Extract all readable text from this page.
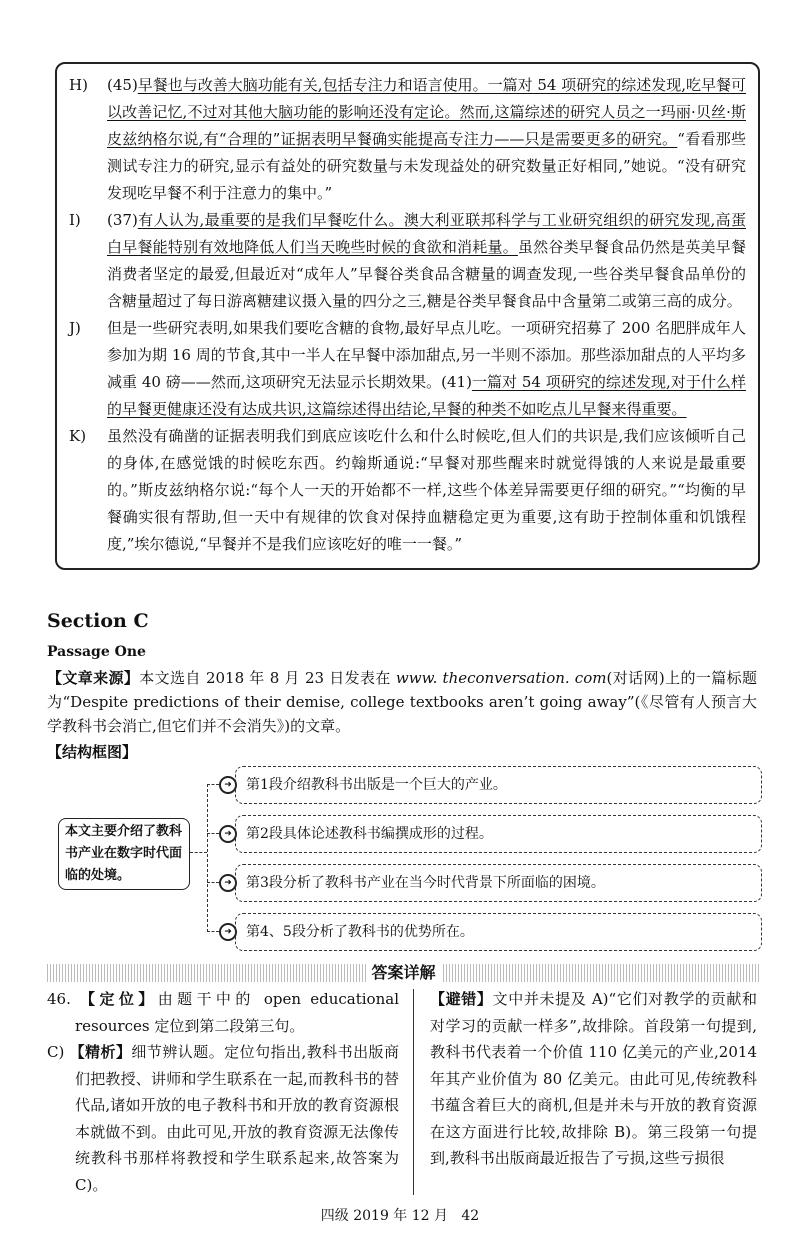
H)	(45)早餐也与改善大脑功能有关,包括专注力和语言使用。一篇对 54 项研究的综述发现,吃早餐可以改善记忆,不过对其他大脑功能的影响还没有定论。然而,这篇综述的研究人员之一玛丽·贝丝·斯皮兹纳格尔说,有“合理的”证据表明早餐确实能提高专注力——只是需要更多的研究。“看看那些测试专注力的研究,显示有益处的研究数量与未发现益处的研究数量正好相同,”她说。“没有研究发现吃早餐不利于注意力的集中。”
I)	(37)有人认为,最重要的是我们早餐吃什么。澳大利亚联邦科学与工业研究组织的研究发现,高蛋白早餐能特别有效地降低人们当天晚些时候的食欲和消耗量。虽然谷类早餐食品仍然是英美早餐消费者坚定的最爱,但最近对“成年人”早餐谷类食品含糖量的调查发现,一些谷类早餐食品单份的含糖量超过了每日游离糖建议摄入量的四分之三,糖是谷类早餐食品中含量第二或第三高的成分。
J)	但是一些研究表明,如果我们要吃含糖的食物,最好早点儿吃。一项研究招募了 200 名肥胖成年人参加为期 16 周的节食,其中一半人在早餐中添加甜点,另一半则不添加。那些添加甜点的人平均多减重 40 磅——然而,这项研究无法显示长期效果。(41)一篇对 54 项研究的综述发现,对于什么样的早餐更健康还没有达成共识,这篇综述得出结论,早餐的种类不如吃点儿早餐来得重要。
K)	虽然没有确凿的证据表明我们到底应该吃什么和什么时候吃,但人们的共识是,我们应该倾听自己的身体,在感觉饿的时候吃东西。约翰斯通说:“早餐对那些醒来时就觉得饿的人来说是最重要的。”斯皮兹纳格尔说:“每个人一天的开始都不一样,这些个体差异需要更仔细的研究。”“均衡的早餐确实很有帮助,但一天中有规律的饮食对保持血糖稳定更为重要,这有助于控制体重和饥饿程度,”埃尔德说,“早餐并不是我们应该吃好的唯一一餐。”
Section C
Passage One
【文章来源】本文选自 2018 年 8 月 23 日发表在 www. theconversation. com(对话网)上的一篇标题为“Despite predictions of their demise, college textbooks aren’t going away”(《尽管有人预言大学教科书会消亡,但它们并不会消失》)的文章。
【结构框图】
本文主要介绍了教科书产业在数字时代面临的处境。
➜	第1段介绍教科书出版是一个巨大的产业。
➜	第2段具体论述教科书编撰成形的过程。
➜	第3段分析了教科书产业在当今时代背景下所面临的困境。
➜	第4、5段分析了教科书的优势所在。
答案详解
46. 【定位】由题干中的 open educational resources 定位到第二段第三句。
C) 【精析】细节辨认题。定位句指出,教科书出版商们把教授、讲师和学生联系在一起,而教科书的替代品,诸如开放的电子教科书和开放的教育资源根本就做不到。由此可见,开放的教育资源无法像传统教科书那样将教授和学生联系起来,故答案为 C)。
【避错】文中并未提及 A)“它们对教学的贡献和对学习的贡献一样多”,故排除。首段第一句提到,教科书代表着一个价值 110 亿美元的产业,2014 年其产业价值为 80 亿美元。由此可见,传统教科书蕴含着巨大的商机,但是并未与开放的教育资源在这方面进行比较,故排除 B)。第三段第一句提到,教科书出版商最近报告了亏损,这些亏损很
四级 2019 年 12 月 42
